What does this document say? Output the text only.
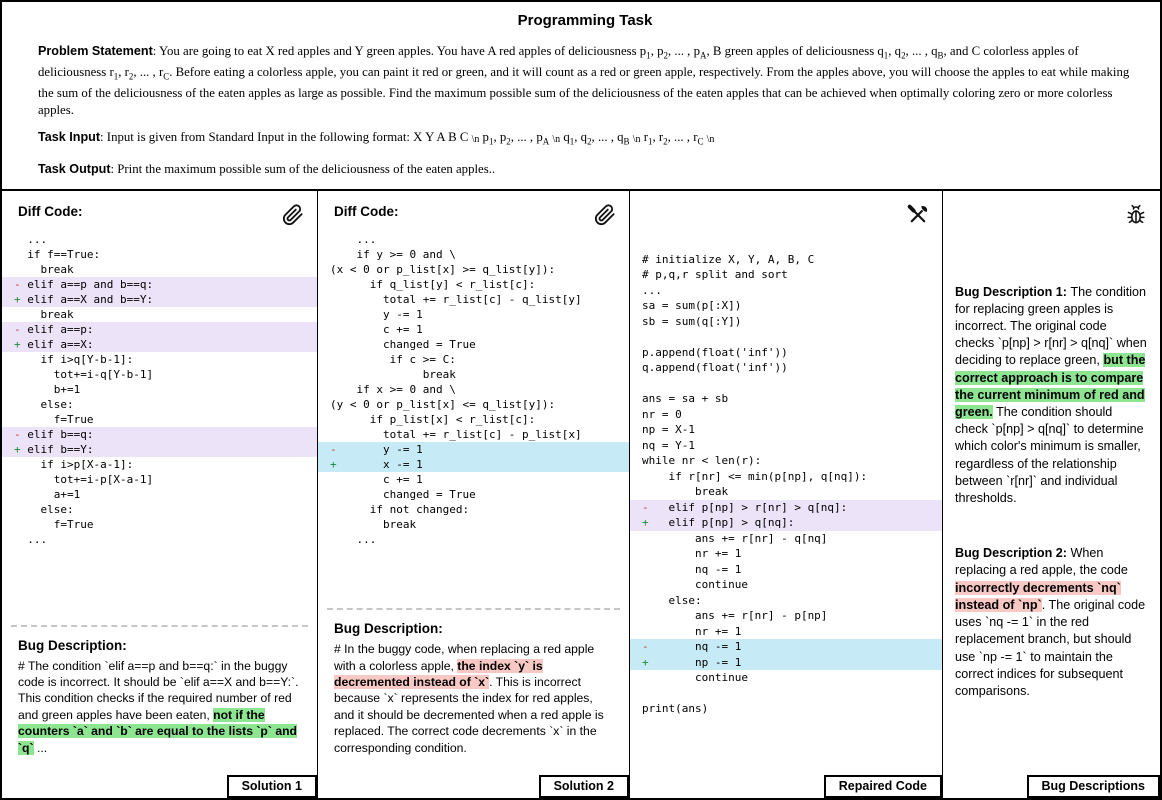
Programming Task

Problem Statement: You are going to eat X red apples and Y green apples. You have A red apples of deliciousness $p_1$, $p_2$, ... , $p_A$, B green apples of deliciousness $q_1$, $q_2$, ... , $q_B$, and C colorless apples of deliciousness $r_1$, $r_2$, ... , $r_C$. Before eating a colorless apple, you can paint it red or green, and it will count as a red or green apple, respectively. From the apples above, you will choose the apples to eat while making the sum of the deliciousness of the eaten apples as large as possible. Find the maximum possible sum of the deliciousness of the eaten apples that can be achieved when optimally coloring zero or more colorless apples.

Task Input: Input is given from Standard Input in the following format: X Y A B C \n $p_1$, $p_2$, ... , $p_A$ \n $q_1$, $q_2$, ... , $q_B$ \n $r_1$, $r_2$, ... , $r_C$ \n

Task Output: Print the maximum possible sum of the deliciousness of the eaten apples..

Diff Code:
...
if f==True:
break
- elif a==p and b==q:
+ elif a==X and b==Y:
break
- elif a==p:
+ elif a==X:
if i>q[Y-b-1]:
tot+=i-q[Y-b-1]
b+=1
else:
f=True
- elif b==q:
+ elif b==Y:
if i>p[X-a-1]:
tot+=i-p[X-a-1]
a+=1
else:
f=True
...
Bug Description:

# The condition `elif a==p and b==q:` in the buggy code is incorrect. It should be `elif a==X and b==Y:`. This condition checks if the required number of red and green apples have been eaten, not if the counters `a` and `b` are equal to the lists `p` and `q` ...

Solution 1
Diff Code:
...
if y >= 0 and \
(x < 0 or p_list[x] >= q_list[y]):
if q_list[y] < r_list[c]:
total += r_list[c] - q_list[y]
y -= 1
c += 1
changed = True
if c >= C:
break
if x >= 0 and \
(y < 0 or p_list[x] <= q_list[y]):
if p_list[x] < r_list[c]:
total += r_list[c] - p_list[x]
-       y -= 1
+       x -= 1
c += 1
changed = True
if not changed:
break
...
Bug Description:

# In the buggy code, when replacing a red apple with a colorless apple, the index `y` is decremented instead of `x`. This is incorrect because `x` represents the index for red apples, and it should be decremented when a red apple is replaced. The correct code decrements `x` in the corresponding condition.

Solution 2
# initialize X, Y, A, B, C
# p,q,r split and sort
...
sa = sum(p[:X])
sb = sum(q[:Y])
p.append(float('inf'))
q.append(float('inf'))
ans = sa + sb
nr = 0
np = X-1
nq = Y-1
while nr < len(r):
if r[nr] <= min(p[np], q[nq]):
break
-   elif p[np] > r[nr] > q[nq]:
+   elif p[np] > q[nq]:
ans += r[nr] - q[nq]
nr += 1
nq -= 1
continue
else:
ans += r[nr] - p[np]
nr += 1
-       nq -= 1
+       np -= 1
continue
print(ans)
Repaired Code

Bug Description 1: The condition for replacing green apples is incorrect. The original code checks `p[np] > r[nr] > q[nq]` when deciding to replace green, but the correct approach is to compare the current minimum of red and green. The condition should check `p[np] > q[nq]` to determine which color's minimum is smaller, regardless of the relationship between `r[nr]` and individual thresholds.

Bug Description 2: When replacing a red apple, the code incorrectly decrements `nq` instead of `np`. The original code uses `nq -= 1` in the red replacement branch, but should use `np -= 1` to maintain the correct indices for subsequent comparisons.

Bug Descriptions
